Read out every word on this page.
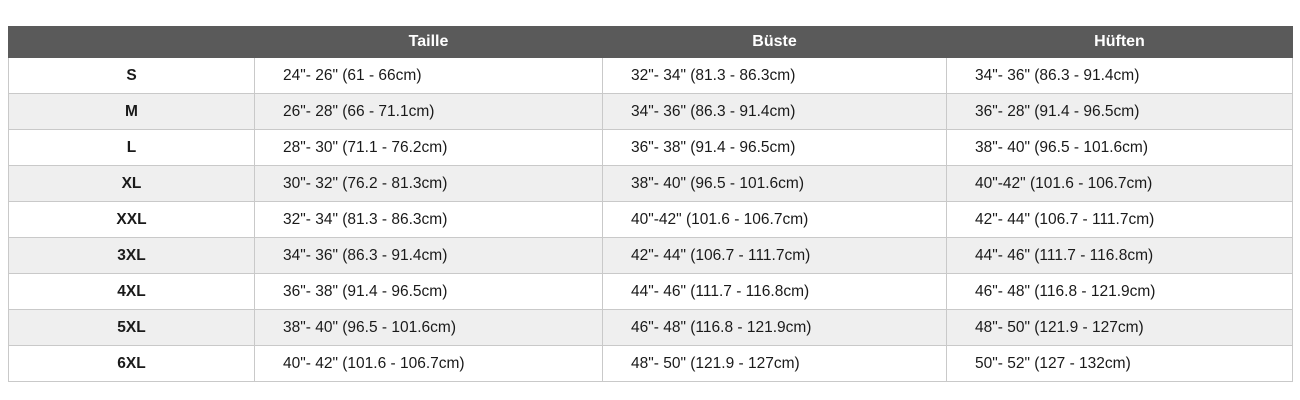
	Taille	Büste	Hüften
S	24"- 26" (61 - 66cm)	32"- 34" (81.3 - 86.3cm)	34"- 36" (86.3 - 91.4cm)
M	26"- 28" (66 - 71.1cm)	34"- 36" (86.3 - 91.4cm)	36"- 28" (91.4 - 96.5cm)
L	28"- 30" (71.1 - 76.2cm)	36"- 38" (91.4 - 96.5cm)	38"- 40" (96.5 - 101.6cm)
XL	30"- 32" (76.2 - 81.3cm)	38"- 40" (96.5 - 101.6cm)	40"-42" (101.6 - 106.7cm)
XXL	32"- 34" (81.3 - 86.3cm)	40"-42" (101.6 - 106.7cm)	42"- 44" (106.7 - 111.7cm)
3XL	34"- 36" (86.3 - 91.4cm)	42"- 44" (106.7 - 111.7cm)	44"- 46" (111.7 - 116.8cm)
4XL	36"- 38" (91.4 - 96.5cm)	44"- 46" (111.7 - 116.8cm)	46"- 48" (116.8 - 121.9cm)
5XL	38"- 40" (96.5 - 101.6cm)	46"- 48" (116.8 - 121.9cm)	48"- 50" (121.9 - 127cm)
6XL	40"- 42" (101.6 - 106.7cm)	48"- 50" (121.9 - 127cm)	50"- 52" (127 - 132cm)
